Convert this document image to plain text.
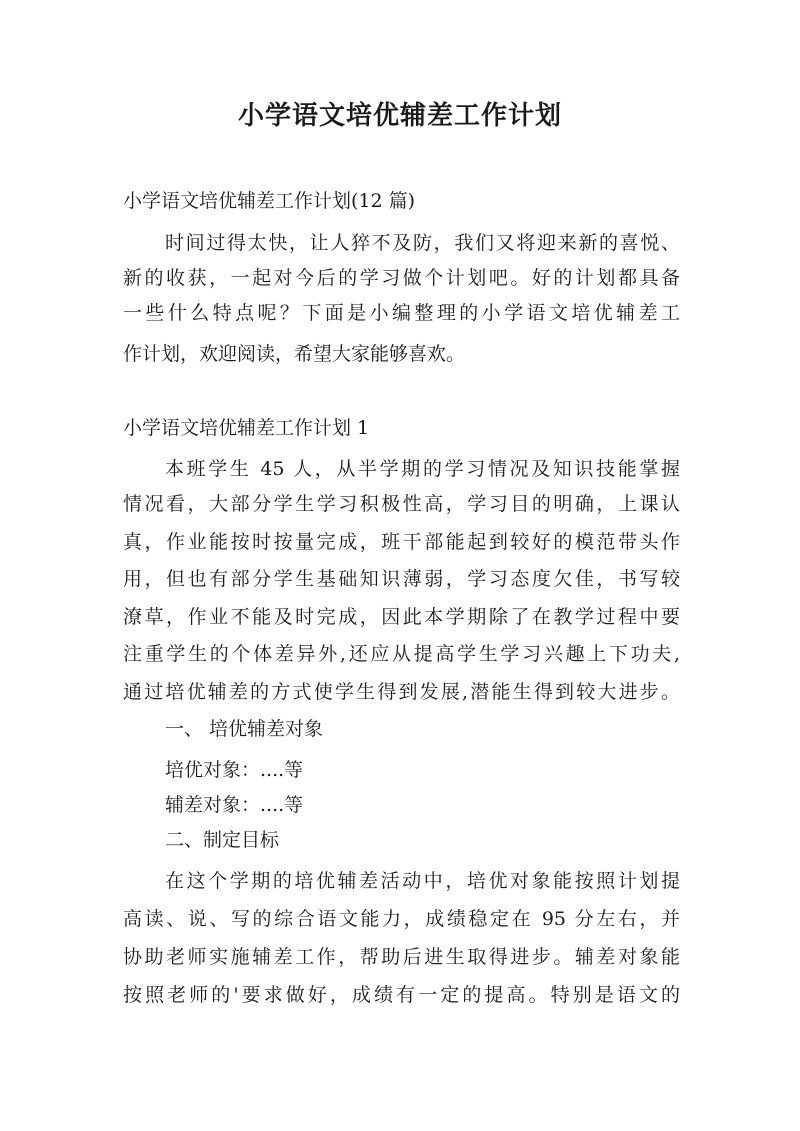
小学语文培优辅差工作计划

小学语文培优辅差工作计划(12 篇)

时间过得太快，让人猝不及防，我们又将迎来新的喜悦、

新的收获，一起对今后的学习做个计划吧。好的计划都具备

一些什么特点呢？下面是小编整理的小学语文培优辅差工

作计划，欢迎阅读，希望大家能够喜欢。

小学语文培优辅差工作计划 1

本班学生 45 人，从半学期的学习情况及知识技能掌握

情况看，大部分学生学习积极性高，学习目的明确，上课认

真，作业能按时按量完成，班干部能起到较好的模范带头作

用，但也有部分学生基础知识薄弱，学习态度欠佳，书写较

潦草，作业不能及时完成，因此本学期除了在教学过程中要

注重学生的个体差异外,还应从提高学生学习兴趣上下功夫,

通过培优辅差的方式使学生得到发展,潜能生得到较大进步。

一、 培优辅差对象

培优对象：....等

辅差对象：....等

二、制定目标

在这个学期的培优辅差活动中，培优对象能按照计划提

高读、说、写的综合语文能力，成绩稳定在 95 分左右，并

协助老师实施辅差工作，帮助后进生取得进步。辅差对象能

按照老师的'要求做好，成绩有一定的提高。特别是语文的
